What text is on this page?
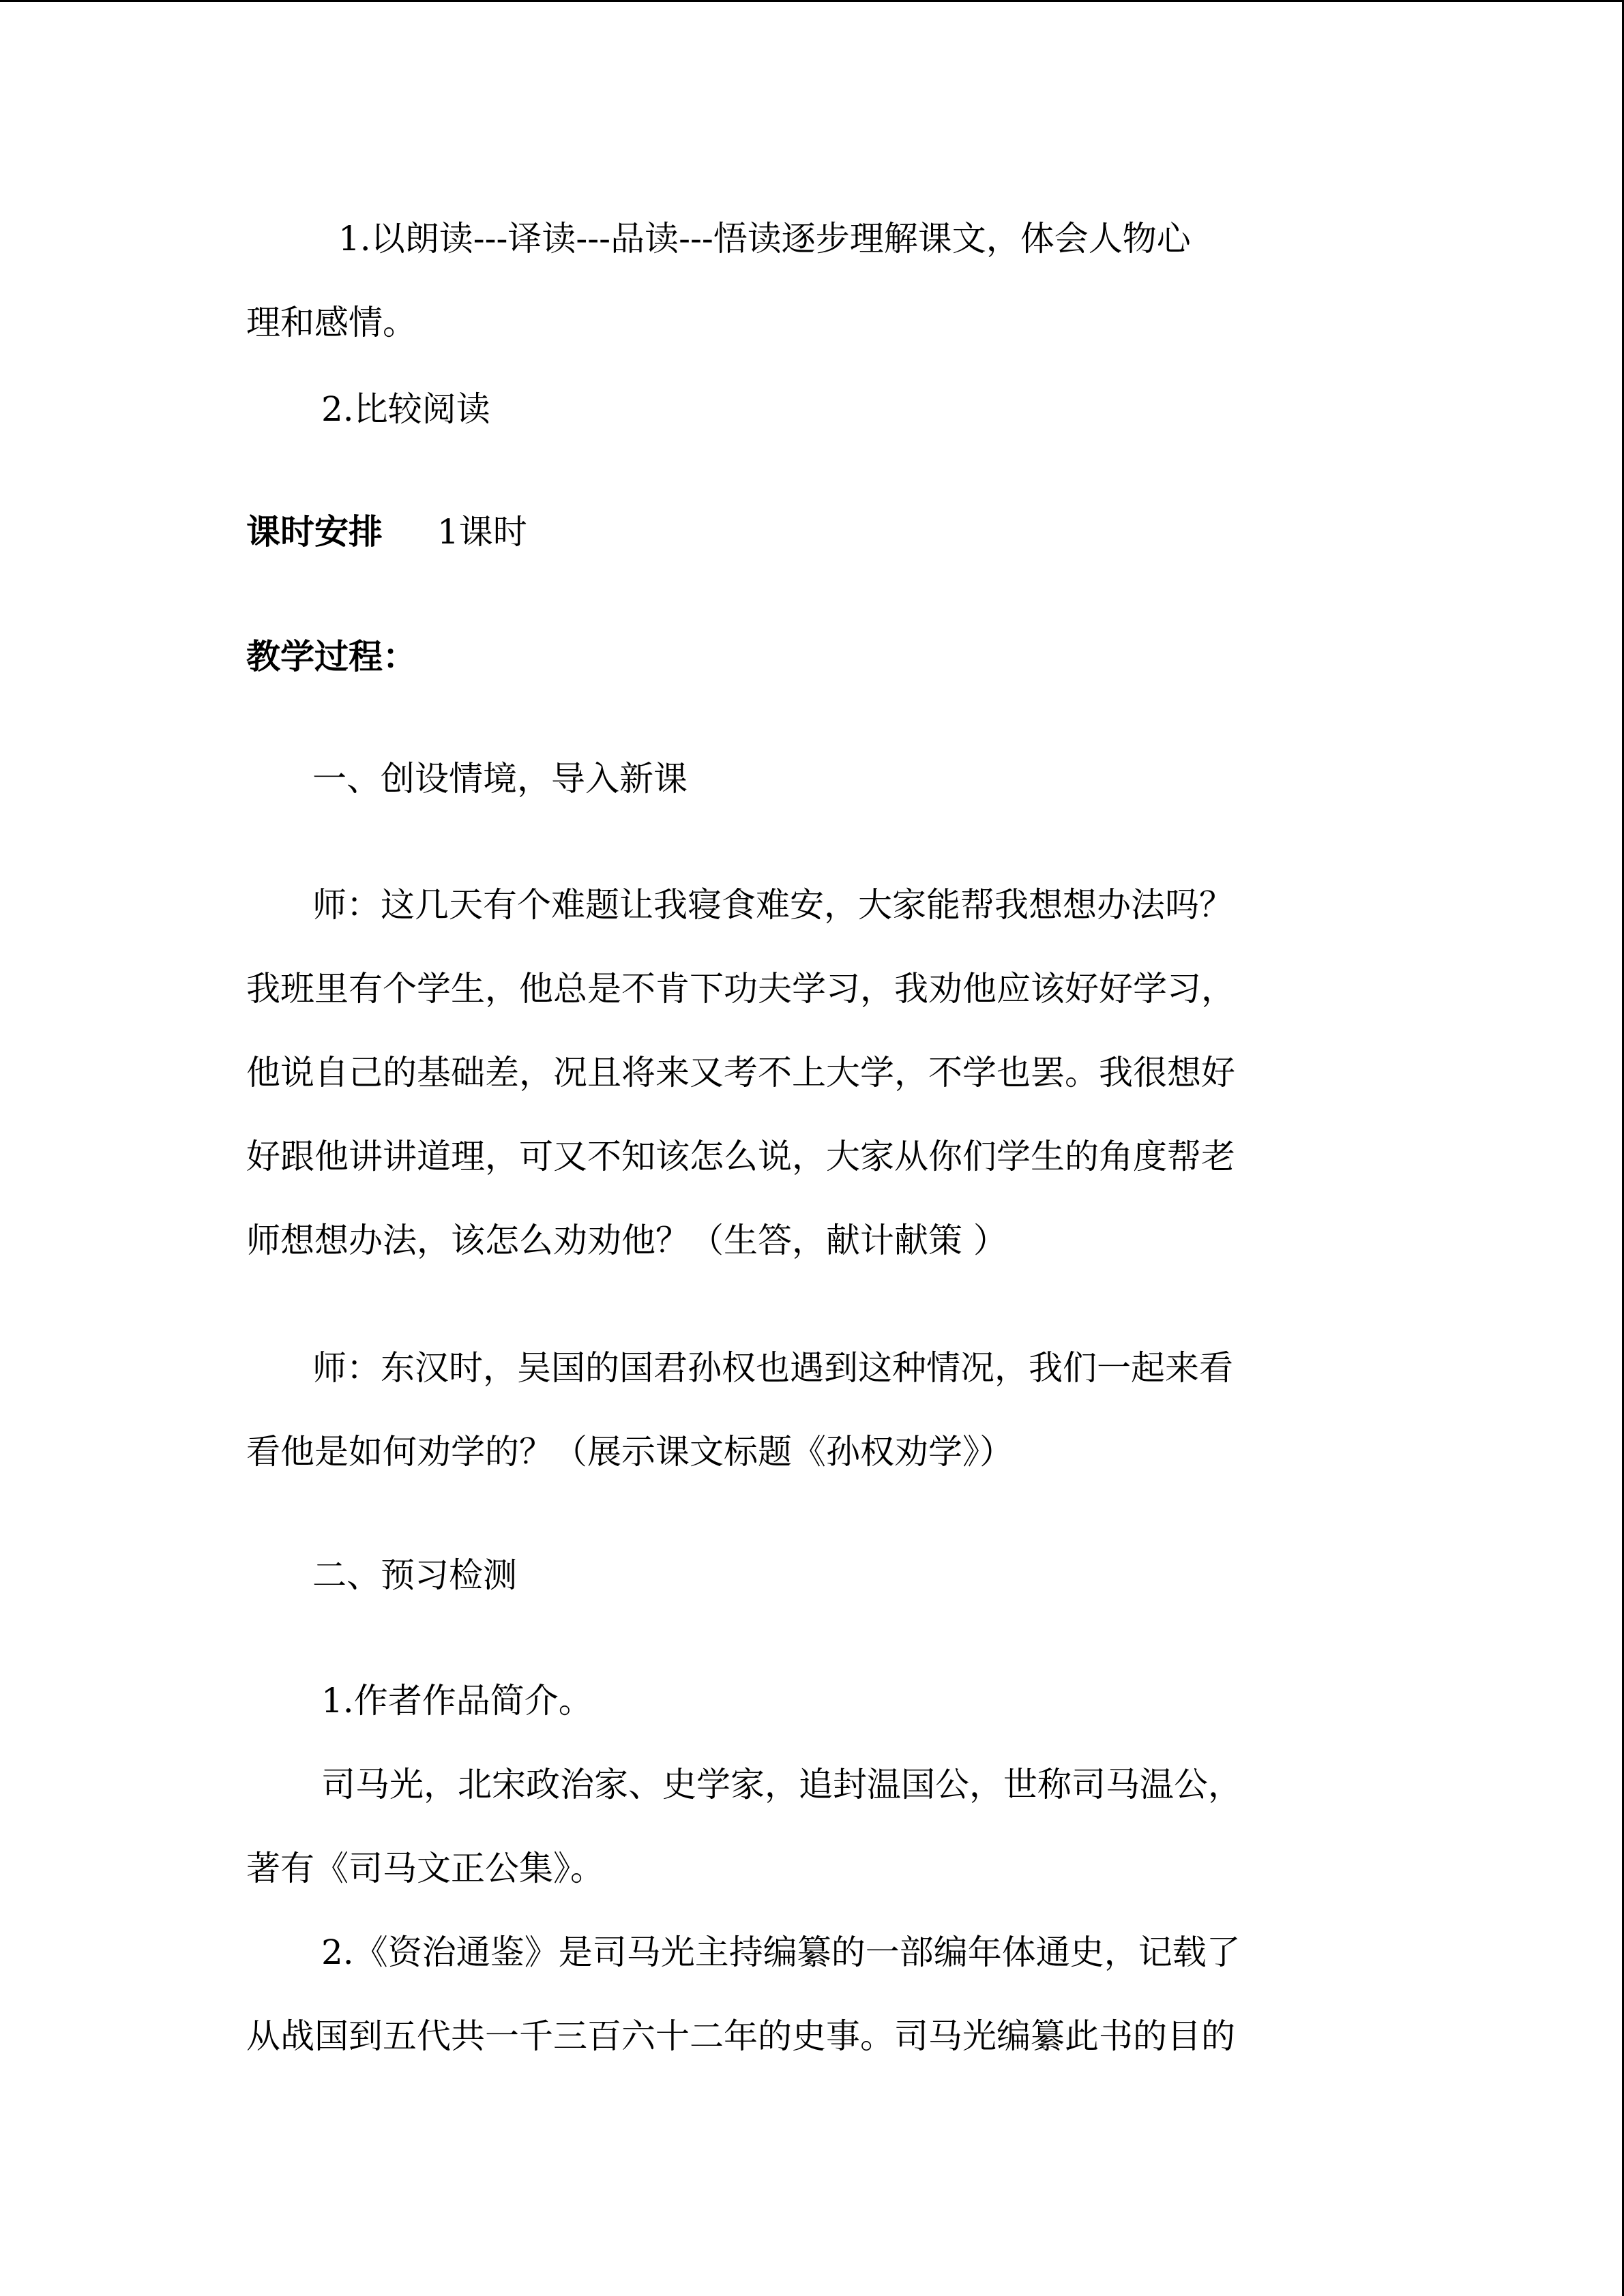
1.以朗读---译读---品读---悟读逐步理解课文，体会人物心
理和感情。
2.比较阅读
课时安排 1课时
教学过程：
一、创设情境，导入新课
师：这几天有个难题让我寝食难安，大家能帮我想想办法吗？
我班里有个学生，他总是不肯下功夫学习，我劝他应该好好学习，
他说自己的基础差，况且将来又考不上大学，不学也罢。我很想好
好跟他讲讲道理，可又不知该怎么说，大家从你们学生的角度帮老
师想想办法，该怎么劝劝他？（生答，献计献策 ）
师：东汉时，吴国的国君孙权也遇到这种情况，我们一起来看
看他是如何劝学的？（展示课文标题《孙权劝学》）
二、预习检测
1.作者作品简介。
司马光，北宋政治家、史学家，追封温国公，世称司马温公，
著有《司马文正公集》。
2.《资治通鉴》是司马光主持编纂的一部编年体通史，记载了
从战国到五代共一千三百六十二年的史事。司马光编纂此书的目的
